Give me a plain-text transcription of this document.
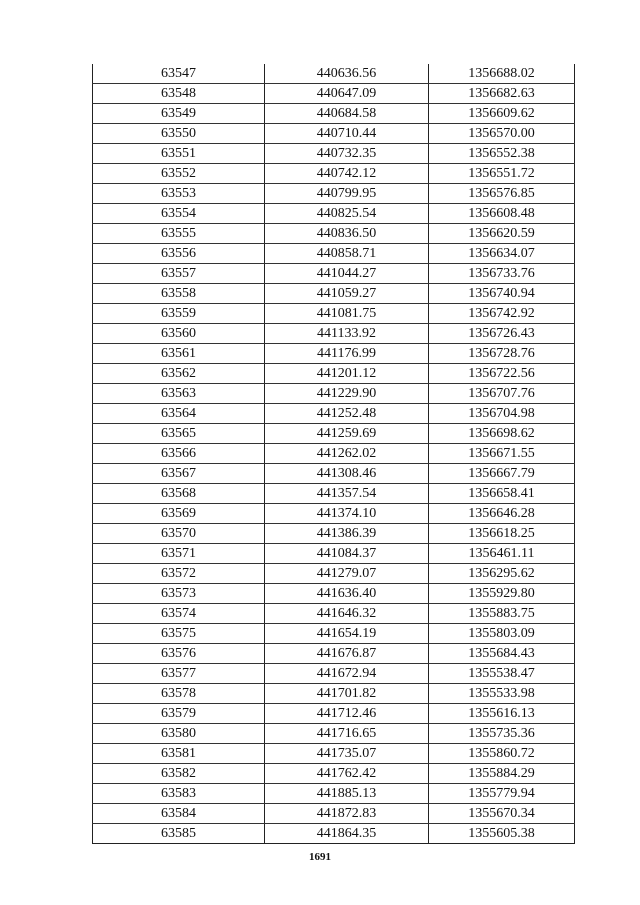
63547	440636.56	1356688.02
63548	440647.09	1356682.63
63549	440684.58	1356609.62
63550	440710.44	1356570.00
63551	440732.35	1356552.38
63552	440742.12	1356551.72
63553	440799.95	1356576.85
63554	440825.54	1356608.48
63555	440836.50	1356620.59
63556	440858.71	1356634.07
63557	441044.27	1356733.76
63558	441059.27	1356740.94
63559	441081.75	1356742.92
63560	441133.92	1356726.43
63561	441176.99	1356728.76
63562	441201.12	1356722.56
63563	441229.90	1356707.76
63564	441252.48	1356704.98
63565	441259.69	1356698.62
63566	441262.02	1356671.55
63567	441308.46	1356667.79
63568	441357.54	1356658.41
63569	441374.10	1356646.28
63570	441386.39	1356618.25
63571	441084.37	1356461.11
63572	441279.07	1356295.62
63573	441636.40	1355929.80
63574	441646.32	1355883.75
63575	441654.19	1355803.09
63576	441676.87	1355684.43
63577	441672.94	1355538.47
63578	441701.82	1355533.98
63579	441712.46	1355616.13
63580	441716.65	1355735.36
63581	441735.07	1355860.72
63582	441762.42	1355884.29
63583	441885.13	1355779.94
63584	441872.83	1355670.34
63585	441864.35	1355605.38
1691
